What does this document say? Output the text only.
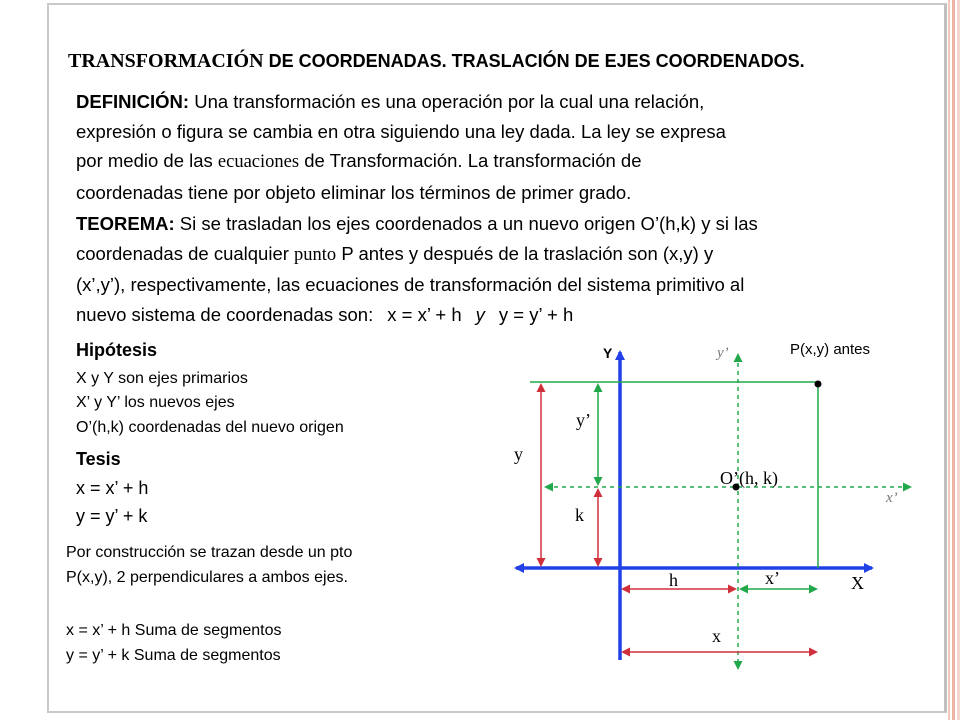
TRANSFORMACIÓN DE COORDENADAS. TRASLACIÓN DE EJES COORDENADOS.
DEFINICIÓN: Una transformación es una operación por la cual una relación,
expresión o figura se cambia en otra siguiendo una ley dada. La ley se expresa
por medio de las ecuaciones de Transformación. La transformación de
coordenadas tiene por objeto eliminar los términos de primer grado.
TEOREMA: Si se trasladan los ejes coordenados a un nuevo origen O’(h,k) y si las
coordenadas de cualquier punto P antes y después de la traslación son (x,y) y
(x’,y’), respectivamente, las ecuaciones de transformación del sistema primitivo al
nuevo sistema de coordenadas son: x = x’ + h y y = y’ + h
Hipótesis
X y Y son ejes primarios
X’ y Y’ los nuevos ejes
O’(h,k) coordenadas del nuevo origen
Tesis
x = x’ + h
y = y’ + k
Por construcción se trazan desde un pto
P(x,y), 2 perpendiculares a ambos ejes.
x = x’ + h Suma de segmentos
y = y’ + k Suma de segmentos
Y	y’	P(x,y) antes
y’
y
O’(h, k)
x’
k
h	x’	X
x
